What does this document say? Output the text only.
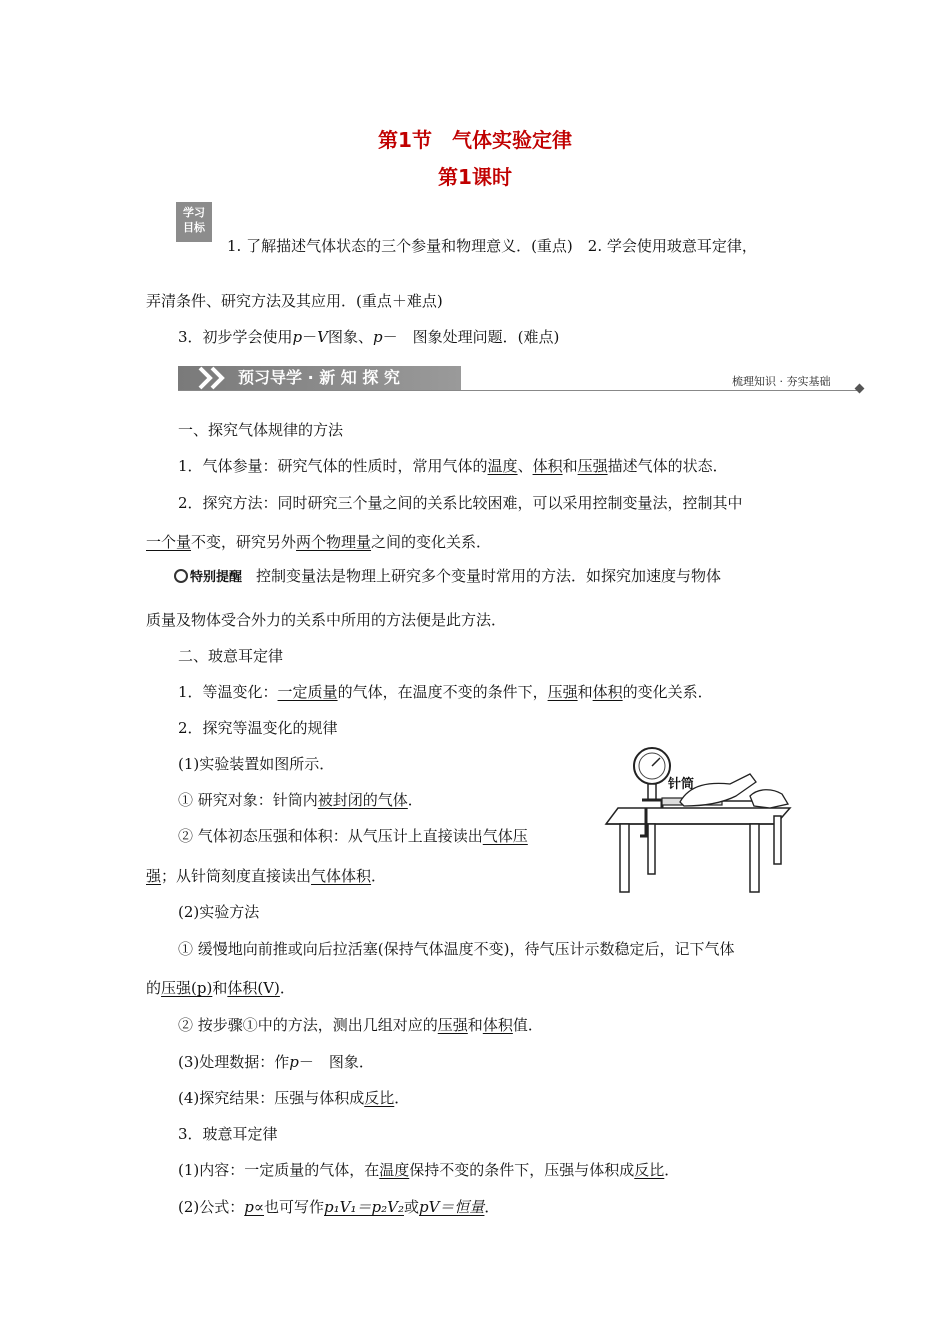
第1节　气体实验定律
第1课时
学习
目标
1. 了解描述气体状态的三个参量和物理意义．(重点)　2. 学会使用玻意耳定律，
弄清条件、研究方法及其应用．(重点＋难点)
3．初步学会使用p－V图象、p－　图象处理问题．(难点)
预习导学 · 新 知 探 究	梳理知识 · 夯实基础
一、探究气体规律的方法
1．气体参量：研究气体的性质时，常用气体的温度、体积和压强描述气体的状态．
2．探究方法：同时研究三个量之间的关系比较困难，可以采用控制变量法，控制其中
一个量不变，研究另外两个物理量之间的变化关系．
特别提醒 控制变量法是物理上研究多个变量时常用的方法．如探究加速度与物体
质量及物体受合外力的关系中所用的方法便是此方法．
二、玻意耳定律
1．等温变化：一定质量的气体，在温度不变的条件下，压强和体积的变化关系．
2．探究等温变化的规律
(1)实验装置如图所示．
① 研究对象：针筒内被封闭的气体．
② 气体初态压强和体积：从气压计上直接读出气体压
强；从针筒刻度直接读出气体体积．
针筒
(2)实验方法
① 缓慢地向前推或向后拉活塞(保持气体温度不变)，待气压计示数稳定后，记下气体
的压强(p)和体积(V)．
② 按步骤①中的方法，测出几组对应的压强和体积值．
(3)处理数据：作p－　图象．
(4)探究结果：压强与体积成反比．
3．玻意耳定律
(1)内容：一定质量的气体，在温度保持不变的条件下，压强与体积成反比．
(2)公式：p∝也可写作p₁V₁＝p₂V₂或pV＝恒量．
